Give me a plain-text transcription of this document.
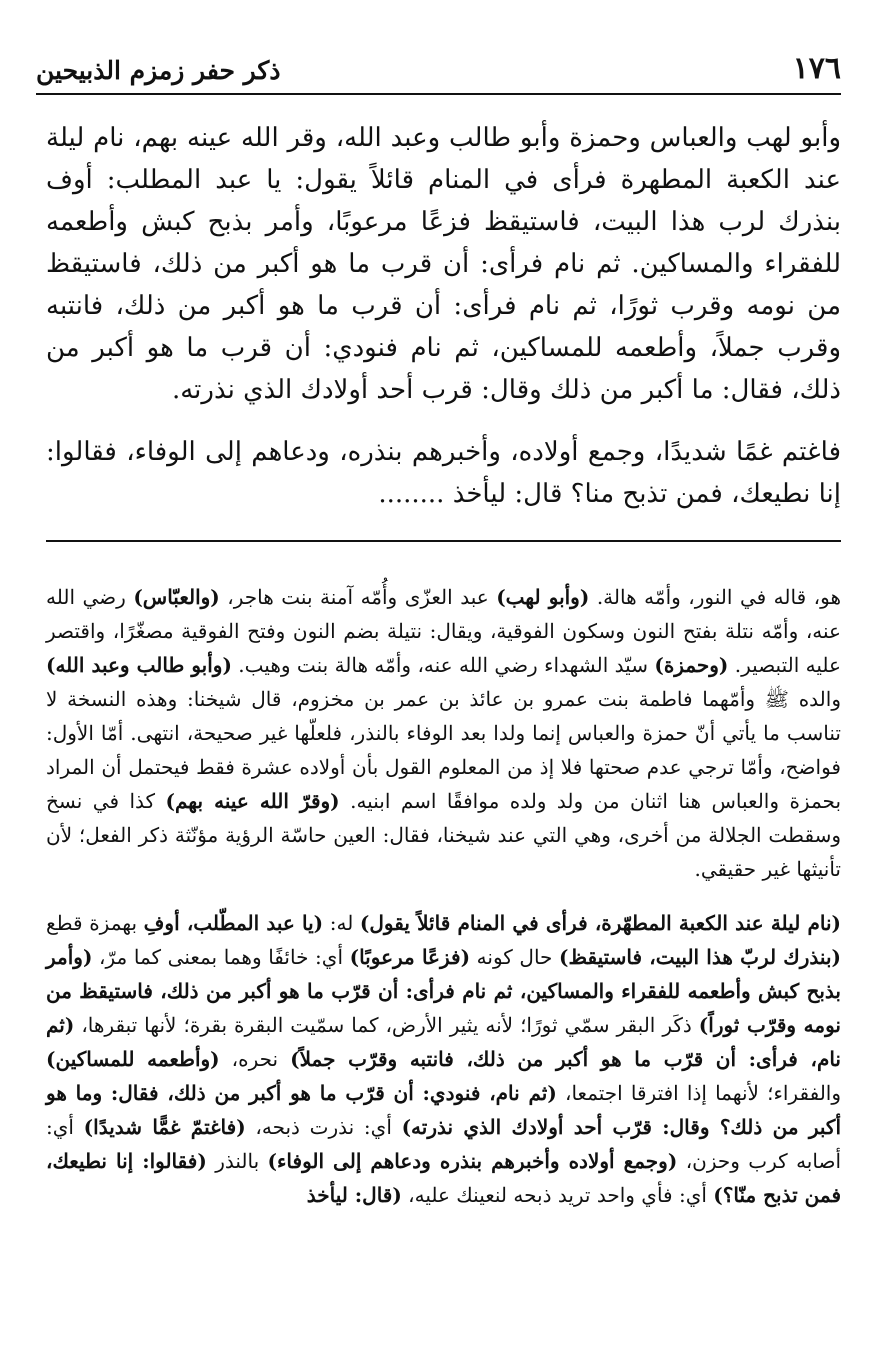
١٧٦
ذكر حفر زمزم الذبيحين

وأبو لهب والعباس وحمزة وأبو طالب وعبد الله، وقر الله عينه بهم، نام ليلة عند الكعبة المطهرة فرأى في المنام قائلاً يقول: يا عبد المطلب: أوف بنذرك لرب هذا البيت، فاستيقظ فزعًا مرعوبًا، وأمر بذبح كبش وأطعمه للفقراء والمساكين. ثم نام فرأى: أن قرب ما هو أكبر من ذلك، فاستيقظ من نومه وقرب ثورًا، ثم نام فرأى: أن قرب ما هو أكبر من ذلك، فانتبه وقرب جملاً، وأطعمه للمساكين، ثم نام فنودي: أن قرب ما هو أكبر من ذلك، فقال: ما أكبر من ذلك وقال: قرب أحد أولادك الذي نذرته.

فاغتم غمًا شديدًا، وجمع أولاده، وأخبرهم بنذره، ودعاهم إلى الوفاء، فقالوا: إنا نطيعك، فمن تذبح منا؟ قال: ليأخذ ........

هو، قاله في النور، وأمّه هالة. (وأبو لهب) عبد العزّى وأُمّه آمنة بنت هاجر، (والعبّاس) رضي الله عنه، وأمّه نتلة بفتح النون وسكون الفوقية، ويقال: نتيلة بضم النون وفتح الفوقية مصغّرًا، واقتصر عليه التبصير. (وحمزة) سيّد الشهداء رضي الله عنه، وأمّه هالة بنت وهيب. (وأبو طالب وعبد الله) والده ﷺ وأمّهما فاطمة بنت عمرو بن عائذ بن عمر بن مخزوم، قال شيخنا: وهذه النسخة لا تناسب ما يأتي أنّ حمزة والعباس إنما ولدا بعد الوفاء بالنذر، فلعلّها غير صحيحة، انتهى. أمّا الأول: فواضح، وأمّا ترجي عدم صحتها فلا إذ من المعلوم القول بأن أولاده عشرة فقط فيحتمل أن المراد بحمزة والعباس هنا اثنان من ولد ولده موافقًا اسم ابنيه. (وقرّ الله عينه بهم) كذا في نسخ وسقطت الجلالة من أخرى، وهي التي عند شيخنا، فقال: العين حاسّة الرؤية مؤنّثة ذكر الفعل؛ لأن تأنيثها غير حقيقي.

(نام ليلة عند الكعبة المطهّرة، فرأى في المنام قائلاً يقول) له: (يا عبد المطّلب، أوفِ بهمزة قطع (بنذرك لربّ هذا البيت، فاستيقظ) حال كونه (فزعًا مرعوبًا) أي: خائفًا وهما بمعنى كما مرّ، (وأمر بذبح كبش وأطعمه للفقراء والمساكين، ثم نام فرأى: أن قرّب ما هو أكبر من ذلك، فاستيقظ من نومه وقرّب ثوراً) ذكَر البقر سمّي ثورًا؛ لأنه يثير الأرض، كما سمّيت البقرة بقرة؛ لأنها تبقرها، (ثم نام، فرأى: أن قرّب ما هو أكبر من ذلك، فانتبه وقرّب جملاً) نحره، (وأطعمه للمساكين) والفقراء؛ لأنهما إذا افترقا اجتمعا، (ثم نام، فنودي: أن قرّب ما هو أكبر من ذلك، فقال: وما هو أكبر من ذلك؟ وقال: قرّب أحد أولادك الذي نذرته) أي: نذرت ذبحه، (فاغتمّ غمًّا شديدًا) أي: أصابه كرب وحزن، (وجمع أولاده وأخبرهم بنذره ودعاهم إلى الوفاء) بالنذر (فقالوا: إنا نطيعك، فمن تذبح منّا؟) أي: فأي واحد تريد ذبحه لنعينك عليه، (قال: ليأخذ
